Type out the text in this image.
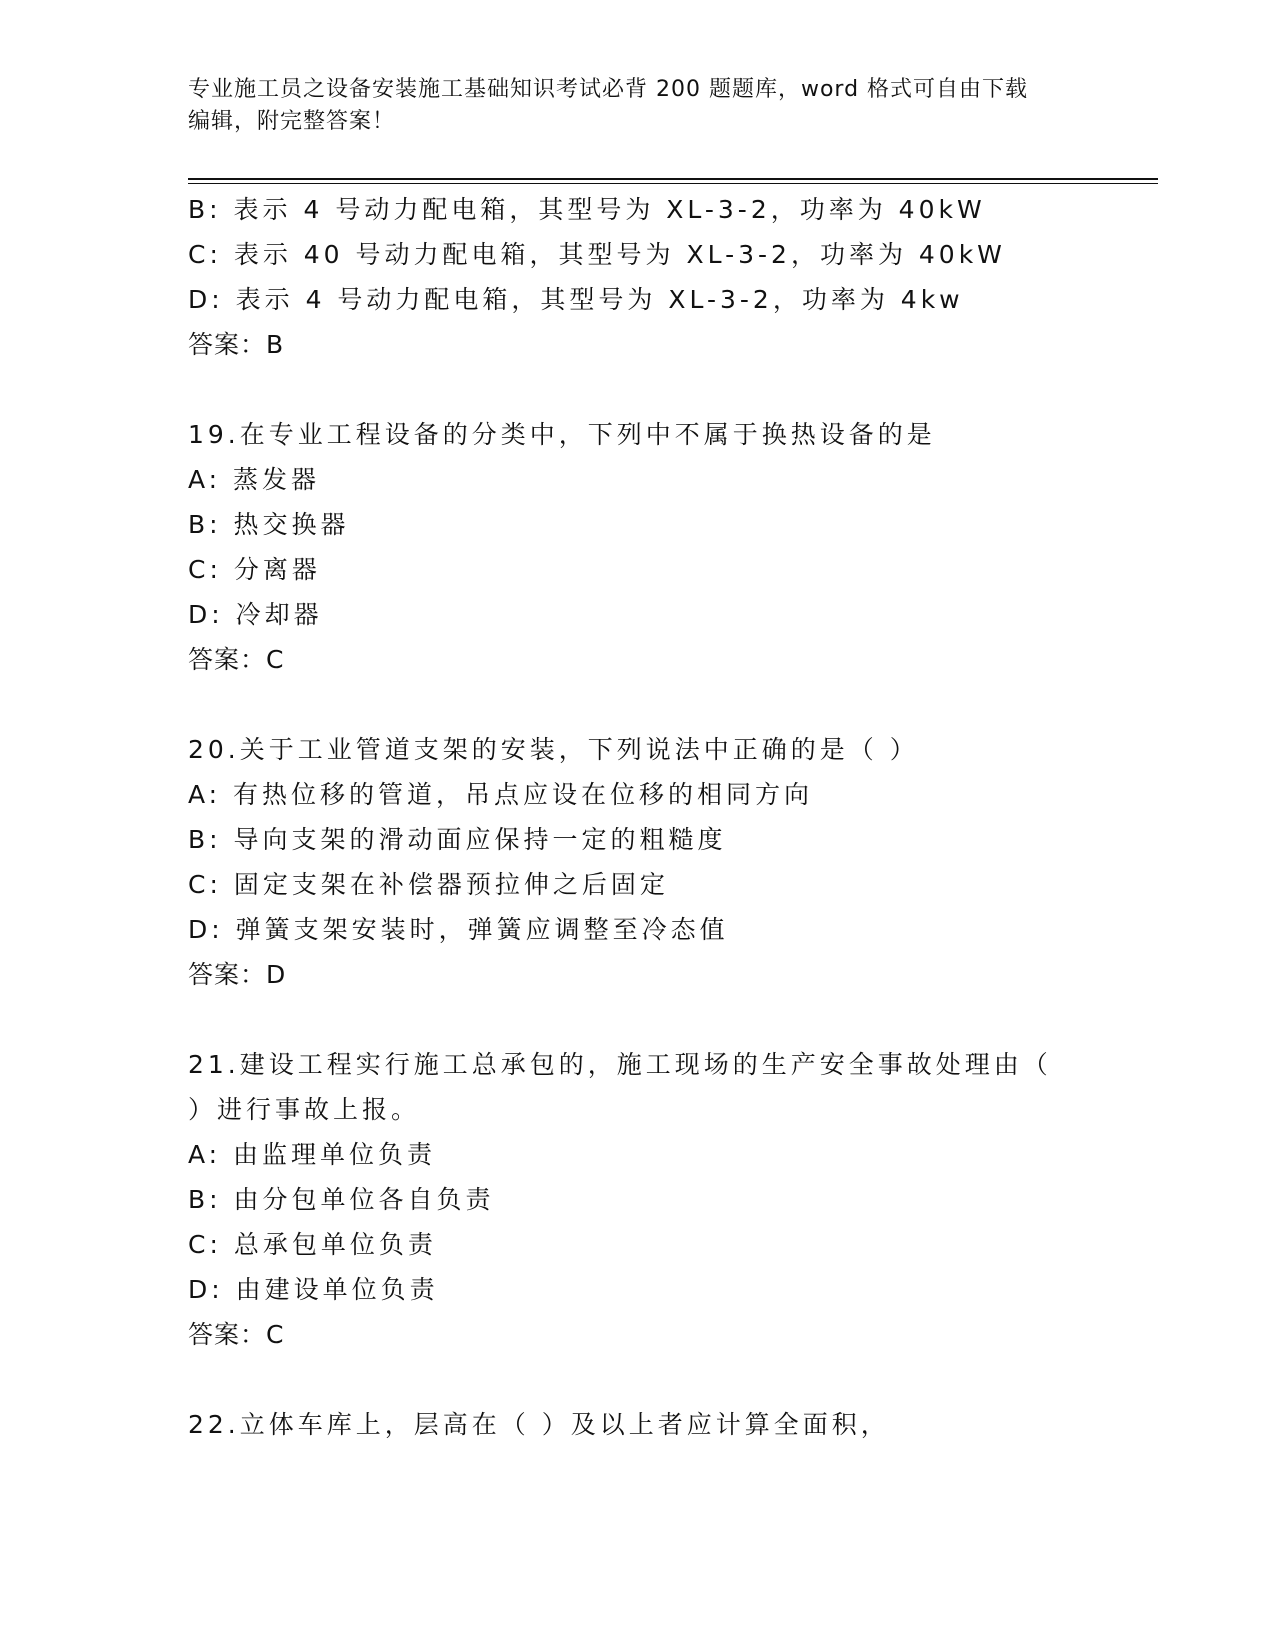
专业施工员之设备安装施工基础知识考试必背 200 题题库，word 格式可自由下载
编辑，附完整答案！
B: 表示 4 号动力配电箱，其型号为 XL-3-2，功率为 40kW
C: 表示 40 号动力配电箱，其型号为 XL-3-2，功率为 40kW
D: 表示 4 号动力配电箱，其型号为 XL-3-2，功率为 4kw
答案：B
19.在专业工程设备的分类中，下列中不属于换热设备的是
A: 蒸发器
B: 热交换器
C: 分离器
D: 冷却器
答案：C
20.关于工业管道支架的安装，下列说法中正确的是（ ）
A: 有热位移的管道，吊点应设在位移的相同方向
B: 导向支架的滑动面应保持一定的粗糙度
C: 固定支架在补偿器预拉伸之后固定
D: 弹簧支架安装时，弹簧应调整至冷态值
答案：D
21.建设工程实行施工总承包的，施工现场的生产安全事故处理由（
）进行事故上报。
A: 由监理单位负责
B: 由分包单位各自负责
C: 总承包单位负责
D: 由建设单位负责
答案：C
22.立体车库上，层高在（ ）及以上者应计算全面积，
